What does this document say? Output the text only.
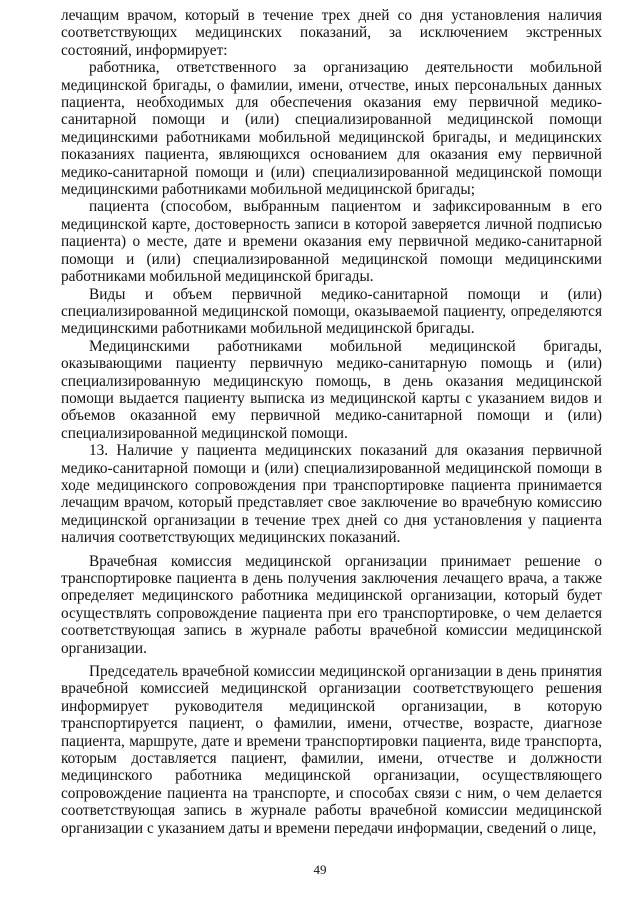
лечащим врачом, который в течение трех дней со дня установления наличия соответствующих медицинских показаний, за исключением экстренных состояний, информирует:

работника, ответственного за организацию деятельности мобильной медицинской бригады, о фамилии, имени, отчестве, иных персональных данных пациента, необходимых для обеспечения оказания ему первичной медико-санитарной помощи и (или) специализированной медицинской помощи медицинскими работниками мобильной медицинской бригады, и медицинских показаниях пациента, являющихся основанием для оказания ему первичной медико-санитарной помощи и (или) специализированной медицинской помощи медицинскими работниками мобильной медицинской бригады;

пациента (способом, выбранным пациентом и зафиксированным в его медицинской карте, достоверность записи в которой заверяется личной подписью пациента) о месте, дате и времени оказания ему первичной медико-санитарной помощи и (или) специализированной медицинской помощи медицинскими работниками мобильной медицинской бригады.

Виды и объем первичной медико-санитарной помощи и (или) специализированной медицинской помощи, оказываемой пациенту, определяются медицинскими работниками мобильной медицинской бригады.

Медицинскими работниками мобильной медицинской бригады, оказывающими пациенту первичную медико-санитарную помощь и (или) специализированную медицинскую помощь, в день оказания медицинской помощи выдается пациенту выписка из медицинской карты с указанием видов и объемов оказанной ему первичной медико-санитарной помощи и (или) специализированной медицинской помощи.

13. Наличие у пациента медицинских показаний для оказания первичной медико-санитарной помощи и (или) специализированной медицинской помощи в ходе медицинского сопровождения при транспортировке пациента принимается лечащим врачом, который представляет свое заключение во врачебную комиссию медицинской организации в течение трех дней со дня установления у пациента наличия соответствующих медицинских показаний.

Врачебная комиссия медицинской организации принимает решение о транспортировке пациента в день получения заключения лечащего врача, а также определяет медицинского работника медицинской организации, который будет осуществлять сопровождение пациента при его транспортировке, о чем делается соответствующая запись в журнале работы врачебной комиссии медицинской организации.

Председатель врачебной комиссии медицинской организации в день принятия врачебной комиссией медицинской организации соответствующего решения информирует руководителя медицинской организации, в которую транспортируется пациент, о фамилии, имени, отчестве, возрасте, диагнозе пациента, маршруте, дате и времени транспортировки пациента, виде транспорта, которым доставляется пациент, фамилии, имени, отчестве и должности медицинского работника медицинской организации, осуществляющего сопровождение пациента на транспорте, и способах связи с ним, о чем делается соответствующая запись в журнале работы врачебной комиссии медицинской организации с указанием даты и времени передачи информации, сведений о лице,

49
